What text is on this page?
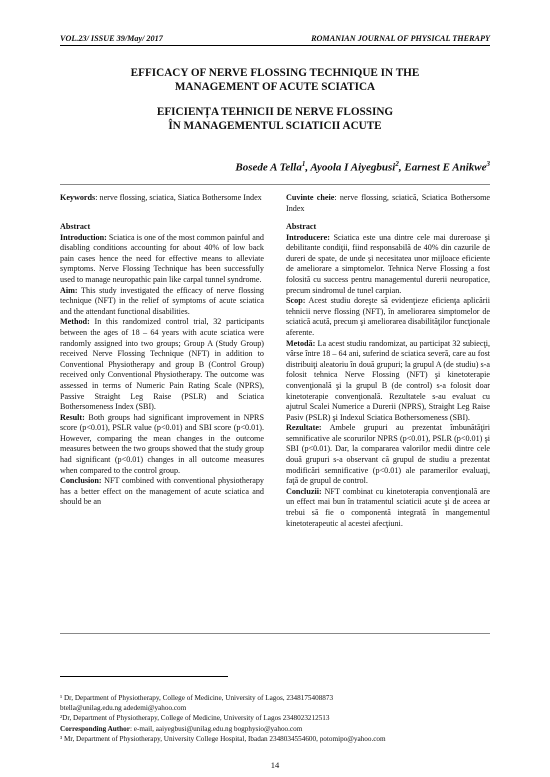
VOL.23/ ISSUE 39/May/ 2017	ROMANIAN JOURNAL OF PHYSICAL THERAPY

EFFICACY OF NERVE FLOSSING TECHNIQUE IN THE
MANAGEMENT OF ACUTE SCIATICA

EFICIENȚA TEHNICII DE NERVE FLOSSING
ÎN MANAGEMENTUL SCIATICII ACUTE

Bosede A Tella$^1$, Ayoola I Aiyegbusi$^2$, Earnest E Anikwe$^3$

Keywords: nerve flossing, sciatica, Siatica Bothersome Index

Abstract

Introduction: Sciatica is one of the most common painful and disabling conditions accounting for about 40% of low back pain cases hence the need for effective means to alleviate symptoms. Nerve Flossing Technique has been successfully used to manage neuropathic pain like carpal tunnel syndrome.

Aim: This study investigated the efficacy of nerve flossing technique (NFT) in the relief of symptoms of acute sciatica and the attendant functional disabilities.

Method: In this randomized control trial, 32 participants between the ages of 18 – 64 years with acute sciatica were randomly assigned into two groups; Group A (Study Group) received Nerve Flossing Technique (NFT) in addition to Conventional Physiotherapy and group B (Control Group) received only Conventional Physiotherapy. The outcome was assessed in terms of Numeric Pain Rating Scale (NPRS), Passive Straight Leg Raise (PSLR) and Sciatica Bothersomeness Index (SBI).

Result: Both groups had significant improvement in NPRS score (p<0.01), PSLR value (p<0.01) and SBI score (p<0.01). However, comparing the mean changes in the outcome measures between the two groups showed that the study group had significant (p<0.01) changes in all outcome measures when compared to the control group.

Conclusion: NFT combined with conventional physiotherapy has a better effect on the management of acute sciatica and should be an

Cuvinte cheie: nerve flossing, sciatică, Sciatica Bothersome Index

Abstract

Introducere: Sciatica este una dintre cele mai dureroase şi debilitante condiţii, fiind responsabilă de 40% din cazurile de dureri de spate, de unde şi necesitatea unor mijloace eficiente de ameliorare a simptomelor. Tehnica Nerve Flossing a fost folosită cu success pentru managementul durerii neuropatice, precum sindromul de tunel carpian.

Scop: Acest studiu doreşte să evidenţieze eficienţa aplicării tehnicii nerve flossing (NFT), în ameliorarea simptomelor de sciatică acută, precum şi ameliorarea disabilităţilor funcţionale aferente.

Metodă: La acest studiu randomizat, au participat 32 subiecţi, vârse între 18 – 64 ani, suferind de sciatica severă, care au fost distribuiţi aleatoriu în două grupuri; la grupul A (de studiu) s-a folosit tehnica Nerve Flossing (NFT) şi kinetoterapie convenţională şi la grupul B (de control) s-a folosit doar kinetoterapie convenţională. Rezultatele s-au evaluat cu ajutrul Scalei Numerice a Durerii (NPRS), Straight Leg Raise Pasiv (PSLR) şi Indexul Sciatica Bothersomeness (SBI).

Rezultate: Ambele grupuri au prezentat îmbunătăţiri semnificative ale scorurilor NPRS (p<0.01), PSLR (p<0.01) şi SBI (p<0.01). Dar, la compararea valorilor medii dintre cele două grupuri s-a observant că grupul de studiu a prezentat modificări semnificative (p<0.01) ale paramerilor evaluaţi, faţă de grupul de control.

Concluzii: NFT combinat cu kinetoterapia convenţională are un effect mai bun în tratamentul sciaticii acute şi de aceea ar trebui să fie o componentă integrată în mangementul kinetoterapeutic al acestei afecţiuni.

¹ Dr, Department of Physiotherapy, College of Medicine, University of Lagos, 2348175408873

btella@unilag.edu.ng adedemi@yahoo.com

²Dr, Department of Physiotherapy, College of Medicine, University of Lagos 2348023212513

Corresponding Author: e-mail, aaiyegbusi@unilag.edu.ng bogphysio@yahoo.com

³ Mr, Department of Physiotherapy, University College Hospital, Ibadan 2348034554600, potomipo@yahoo.com

14
